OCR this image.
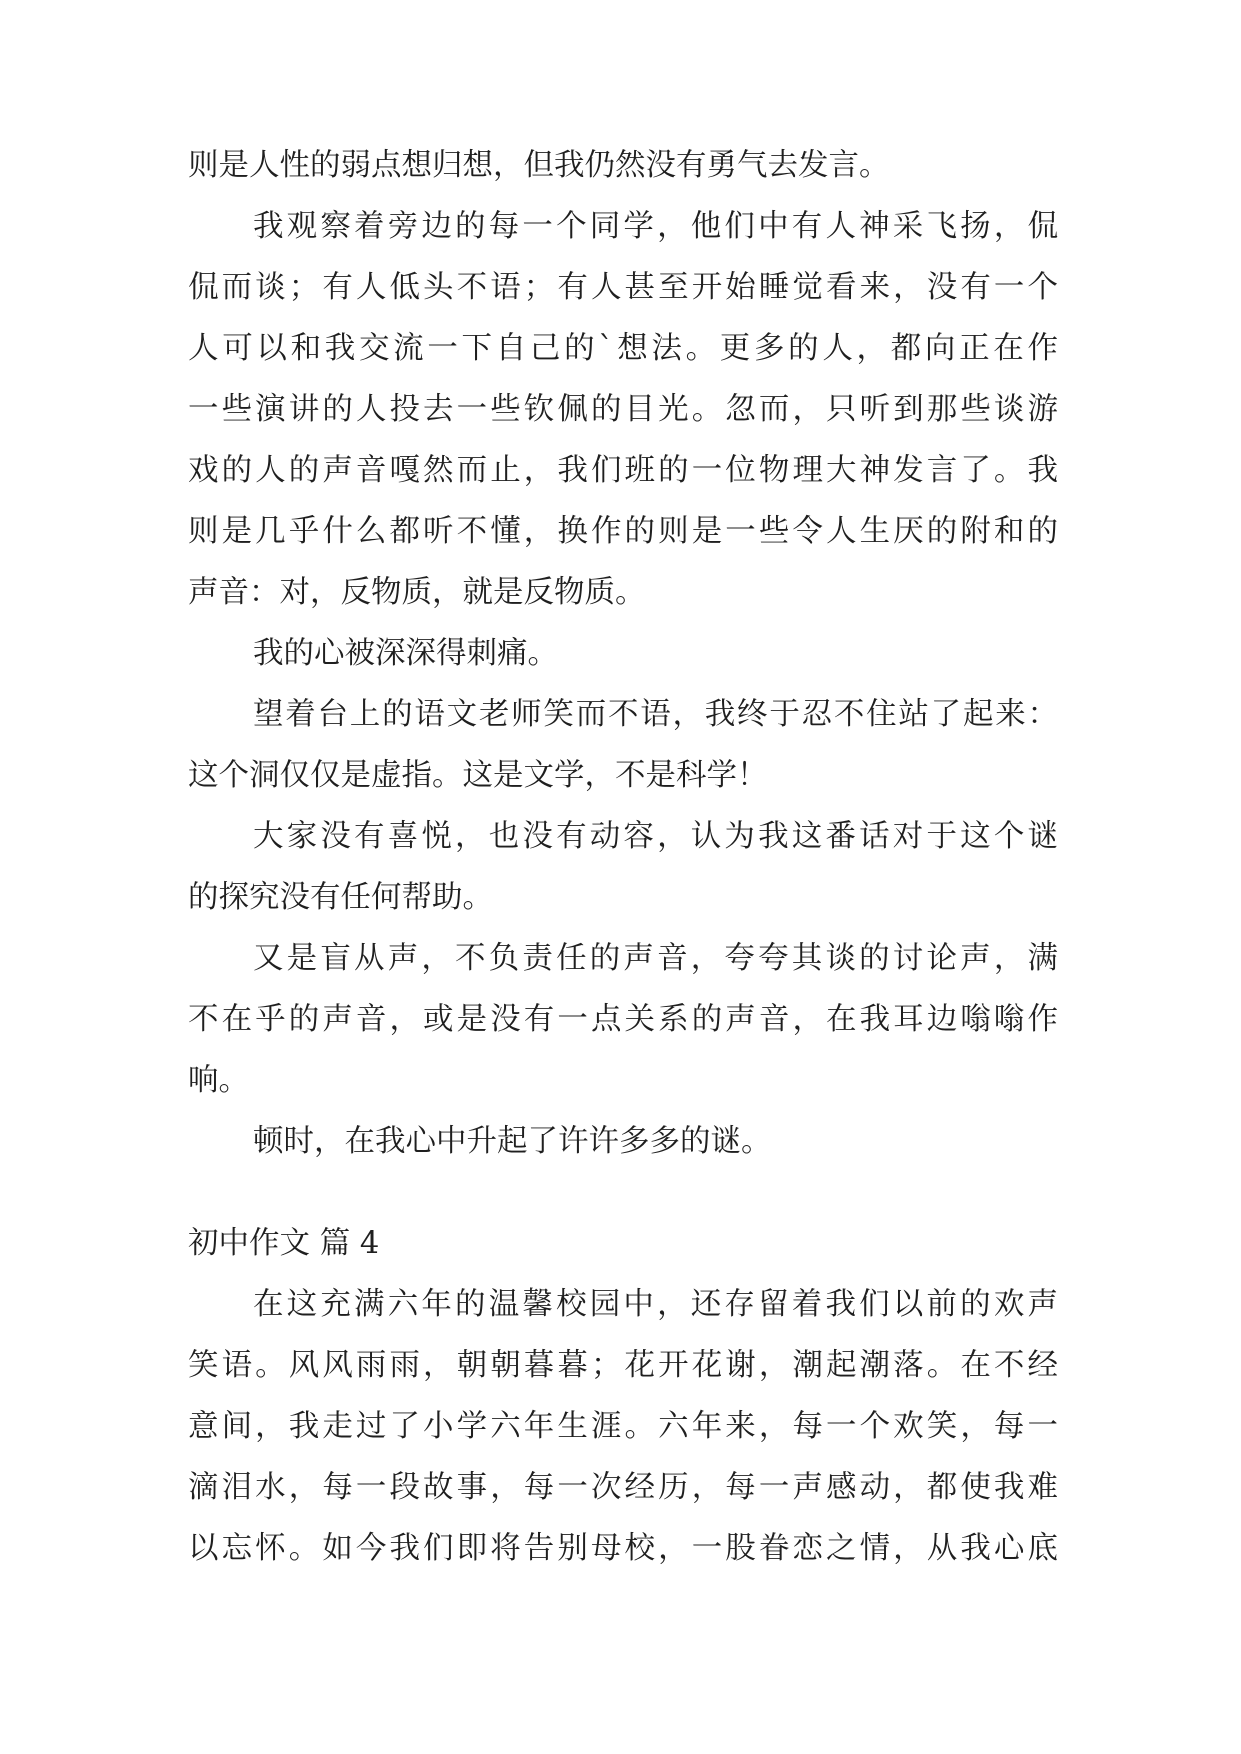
则是人性的弱点想归想，但我仍然没有勇气去发言。
我观察着旁边的每一个同学，他们中有人神采飞扬，侃
侃而谈；有人低头不语；有人甚至开始睡觉看来，没有一个
人可以和我交流一下自己的`想法。更多的人，都向正在作
一些演讲的人投去一些钦佩的目光。忽而，只听到那些谈游
戏的人的声音嘎然而止，我们班的一位物理大神发言了。我
则是几乎什么都听不懂，换作的则是一些令人生厌的附和的
声音：对，反物质，就是反物质。
我的心被深深得刺痛。
望着台上的语文老师笑而不语，我终于忍不住站了起来：
这个洞仅仅是虚指。这是文学，不是科学！
大家没有喜悦，也没有动容，认为我这番话对于这个谜
的探究没有任何帮助。
又是盲从声，不负责任的声音，夸夸其谈的讨论声，满
不在乎的声音，或是没有一点关系的声音，在我耳边嗡嗡作
响。
顿时，在我心中升起了许许多多的谜。
初中作文 篇 4
在这充满六年的温馨校园中，还存留着我们以前的欢声
笑语。风风雨雨，朝朝暮暮；花开花谢，潮起潮落。在不经
意间，我走过了小学六年生涯。六年来，每一个欢笑，每一
滴泪水，每一段故事，每一次经历，每一声感动，都使我难
以忘怀。如今我们即将告别母校，一股眷恋之情，从我心底
